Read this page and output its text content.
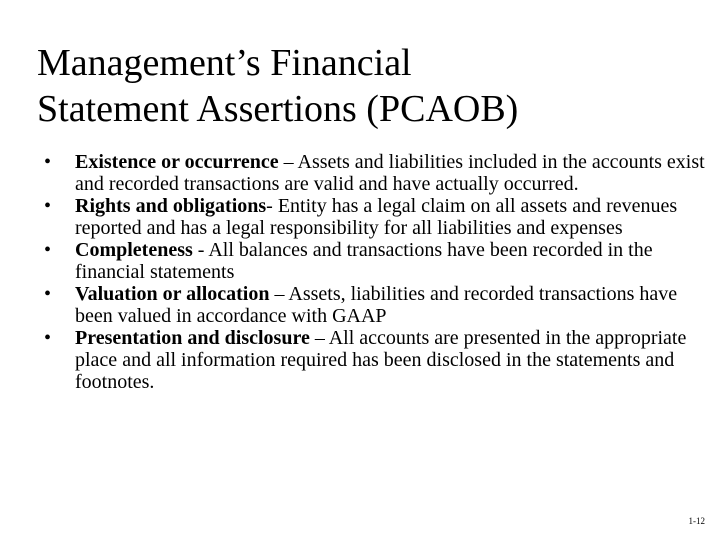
Management’s Financial
Statement Assertions (PCAOB)
•	Existence or occurrence – Assets and liabilities included in the accounts exist and recorded transactions are valid and have actually occurred.
•	Rights and obligations- Entity has a legal claim on all assets and revenues reported and has a legal responsibility for all liabilities and expenses
•	Completeness - All balances and transactions have been recorded in the financial statements
•	Valuation or allocation – Assets, liabilities and recorded transactions have been valued in accordance with GAAP
•	Presentation and disclosure – All accounts are presented in the appropriate place and all information required has been disclosed in the statements and footnotes.
1-12
